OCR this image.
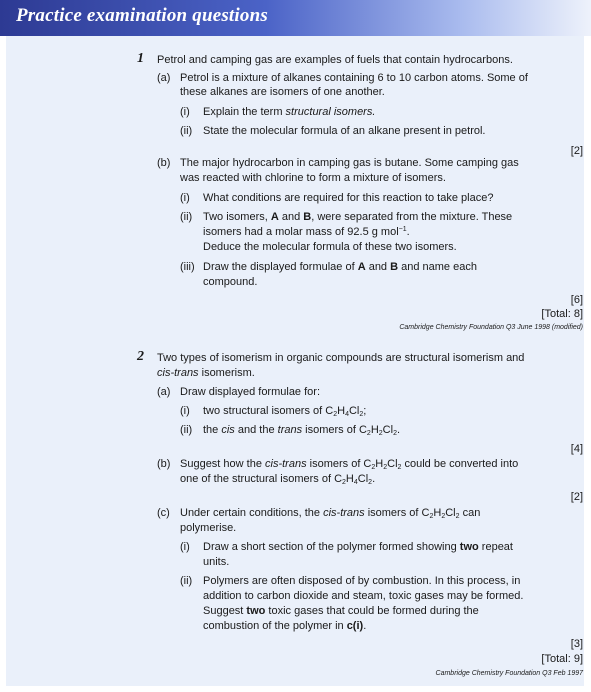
Practice examination questions
1 Petrol and camping gas are examples of fuels that contain hydrocarbons.
(a) Petrol is a mixture of alkanes containing 6 to 10 carbon atoms. Some of
these alkanes are isomers of one another.
(i) Explain the term structural isomers.
(ii) State the molecular formula of an alkane present in petrol.
[2]
(b) The major hydrocarbon in camping gas is butane. Some camping gas
was reacted with chlorine to form a mixture of isomers.
(i) What conditions are required for this reaction to take place?
(ii) Two isomers, A and B, were separated from the mixture. These
isomers had a molar mass of 92.5 g mol$^{-1}$.
Deduce the molecular formula of these two isomers.
(iii) Draw the displayed formulae of A and B and name each
compound.
[6]
[Total: 8]
Cambridge Chemistry Foundation Q3 June 1998 (modified)
2 Two types of isomerism in organic compounds are structural isomerism and
cis-trans isomerism.
(a) Draw displayed formulae for:
(i) two structural isomers of $C_2H_4Cl_2$;
(ii) the cis and the trans isomers of $C_2H_2Cl_2$.
[4]
(b) Suggest how the cis-trans isomers of $C_2H_2Cl_2$ could be converted into
one of the structural isomers of $C_2H_4Cl_2$.
[2]
(c) Under certain conditions, the cis-trans isomers of $C_2H_2Cl_2$ can
polymerise.
(i) Draw a short section of the polymer formed showing two repeat
units.
(ii) Polymers are often disposed of by combustion. In this process, in
addition to carbon dioxide and steam, toxic gases may be formed.
Suggest two toxic gases that could be formed during the
combustion of the polymer in c(i).
[3]
[Total: 9]
Cambridge Chemistry Foundation Q3 Feb 1997
